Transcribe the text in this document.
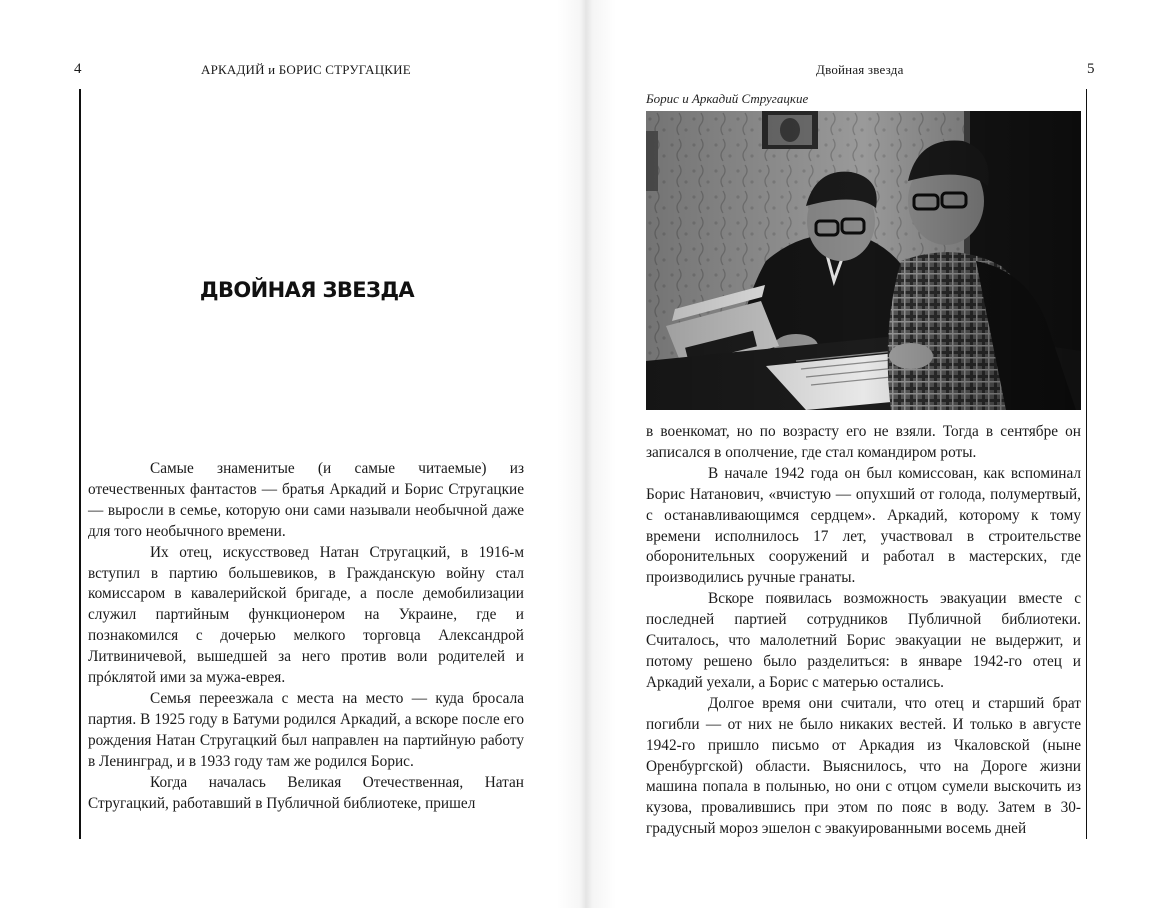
4	АРКАДИЙ и БОРИС СТРУГАЦКИЕ
ДВОЙНАЯ ЗВЕЗДА

Самые знаменитые (и самые читаемые) из отечественных фантастов — братья Аркадий и Борис Стругацкие — выросли в семье, которую они сами называли необычной даже для того необычного времени.

Их отец, искусствовед Натан Стругацкий, в 1916-м вступил в партию большевиков, в Гражданскую войну стал комиссаром в кавалерийской бригаде, а после демобилизации служил партийным функционером на Украине, где и познакомился с дочерью мелкого торговца Александрой Литвиничевой, вышедшей за него против воли родителей и прóклятой ими за мужа-еврея.

Семья переезжала с места на место — куда бросала партия. В 1925 году в Батуми родился Аркадий, а вскоре после его рождения Натан Стругацкий был направлен на партийную работу в Ленинград, и в 1933 году там же родился Борис.

Когда началась Великая Отечественная, Натан Стругацкий, работавший в Публичной библиотеке, пришел

Двойная звезда	5
Борис и Аркадий Стругацкие

в военкомат, но по возрасту его не взяли. Тогда в сентябре он записался в ополчение, где стал командиром роты.

В начале 1942 года он был комиссован, как вспоминал Борис Натанович, «вчистую — опухший от голода, полумертвый, с останавливающимся сердцем». Аркадий, которому к тому времени исполнилось 17 лет, участвовал в строительстве оборонительных сооружений и работал в мастерских, где производились ручные гранаты.

Вскоре появилась возможность эвакуации вместе с последней партией сотрудников Публичной библиотеки. Считалось, что малолетний Борис эвакуации не выдержит, и потому решено было разделиться: в январе 1942-го отец и Аркадий уехали, а Борис с матерью остались.

Долгое время они считали, что отец и старший брат погибли — от них не было никаких вестей. И только в августе 1942-го пришло письмо от Аркадия из Чкаловской (ныне Оренбургской) области. Выяснилось, что на Дороге жизни машина попала в полынью, но они с отцом сумели выскочить из кузова, провалившись при этом по пояс в воду. Затем в 30-градусный мороз эшелон с эвакуированными восемь дней
